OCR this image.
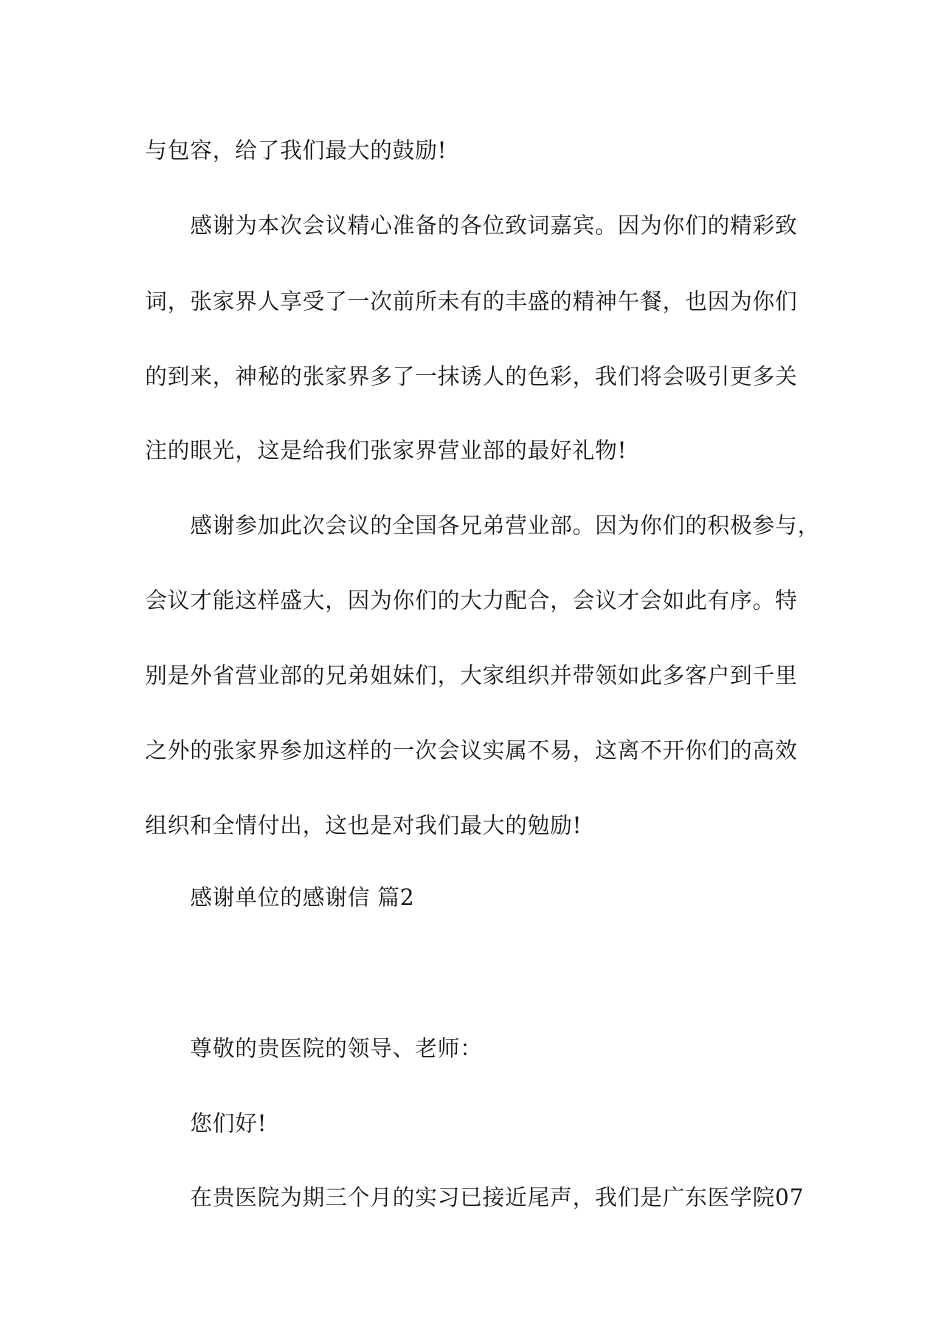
与包容，给了我们最大的鼓励!
感谢为本次会议精心准备的各位致词嘉宾。因为你们的精彩致
词，张家界人享受了一次前所未有的丰盛的精神午餐，也因为你们
的到来，神秘的张家界多了一抹诱人的色彩，我们将会吸引更多关
注的眼光，这是给我们张家界营业部的最好礼物!
感谢参加此次会议的全国各兄弟营业部。因为你们的积极参与，
会议才能这样盛大，因为你们的大力配合，会议才会如此有序。特
别是外省营业部的兄弟姐妹们，大家组织并带领如此多客户到千里
之外的张家界参加这样的一次会议实属不易，这离不开你们的高效
组织和全情付出，这也是对我们最大的勉励!
感谢单位的感谢信 篇2
尊敬的贵医院的领导、老师：
您们好!
在贵医院为期三个月的实习已接近尾声，我们是广东医学院07
